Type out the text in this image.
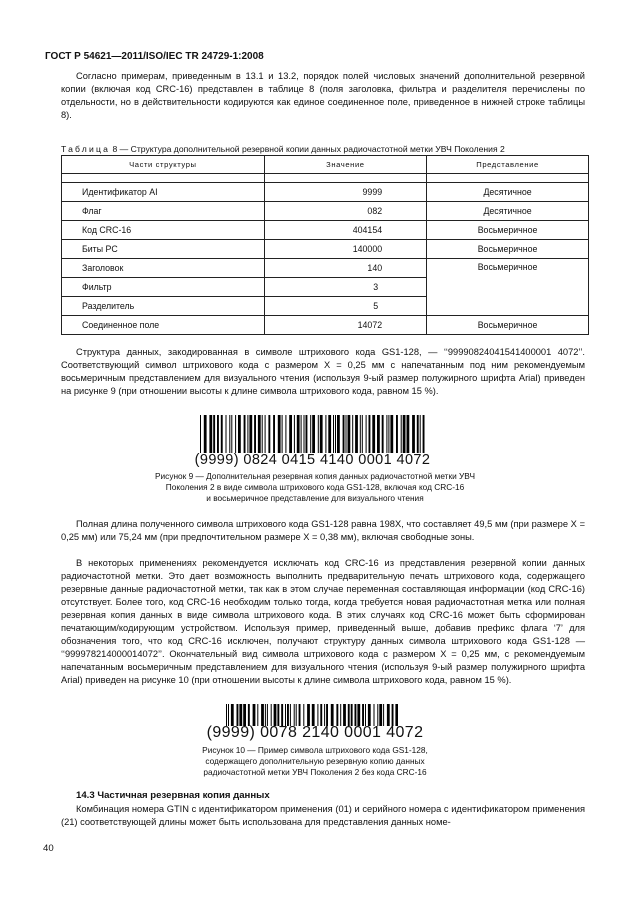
ГОСТ Р 54621—2011/ISO/IEC TR 24729-1:2008
Согласно примерам, приведенным в 13.1 и 13.2, порядок полей числовых значений дополнительной резервной копии (включая код CRC-16) представлен в таблице 8 (поля заголовка, фильтра и разделителя перечислены по отдельности, но в действительности кодируются как единое соединенное поле, приведенное в нижней строке таблицы 8).
Таблица 8 — Структура дополнительной резервной копии данных радиочастотной метки УВЧ Поколения 2
Части структуры	Значение	Представление

Идентификатор AI	9999	Десятичное
Флаг	082	Десятичное
Код CRC-16	404154	Восьмеричное
Биты PC	140000	Восьмеричное
Заголовок	140	Восьмеричное
Фильтр	3	
Разделитель	5	
Соединенное поле	14072	Восьмеричное
Структура данных, закодированная в символе штрихового кода GS1-128, — ‘‘99990824041541400001 4072’’. Соответствующий символ штрихового кода с размером X = 0,25 мм с напечатанным под ним рекомендуемым восьмеричным представлением для визуального чтения (используя 9-ый размер полужирного шрифта Arial) приведен на рисунке 9 (при отношении высоты к длине символа штрихового кода, равном 15 %).
(9999) 0824 0415 4140 0001 4072
Рисунок 9 — Дополнительная резервная копия данных радиочастотной метки УВЧ
Поколения 2 в виде символа штрихового кода GS1-128, включая код CRC-16
и восьмеричное представление для визуального чтения
Полная длина полученного символа штрихового кода GS1-128 равна 198X, что составляет 49,5 мм (при размере X = 0,25 мм) или 75,24 мм (при предпочтительном размере X = 0,38 мм), включая свободные зоны.
В некоторых применениях рекомендуется исключать код CRC-16 из представления резервной копии данных радиочастотной метки. Это дает возможность выполнить предварительную печать штрихового кода, содержащего резервные данные радиочастотной метки, так как в этом случае переменная составляющая информации (код CRC-16) отсутствует. Более того, код CRC-16 необходим только тогда, когда требуется новая радиочастотная метка или полная резервная копия данных в виде символа штрихового кода. В этих случаях код CRC-16 может быть сформирован печатающим/кодирующим устройством. Используя пример, приведенный выше, добавив префикс флага ‘7’ для обозначения того, что код CRC-16 исключен, получают структуру данных символа штрихового кода GS1-128 — ‘‘999978214000014072’’. Окончательный вид символа штрихового кода с размером X = 0,25 мм, с рекомендуемым напечатанным восьмеричным представлением для визуального чтения (используя 9-ый размер полужирного шрифта Arial) приведен на рисунке 10 (при отношении высоты к длине символа штрихового кода, равном 15 %).
(9999) 0078 2140 0001 4072
Рисунок 10 — Пример символа штрихового кода GS1-128,
содержащего дополнительную резервную копию данных
радиочастотной метки УВЧ Поколения 2 без кода CRC-16
14.3 Частичная резервная копия данных
Комбинация номера GTIN с идентификатором применения (01) и серийного номера с идентификатором применения (21) соответствующей длины может быть использована для представления данных номе-
40
